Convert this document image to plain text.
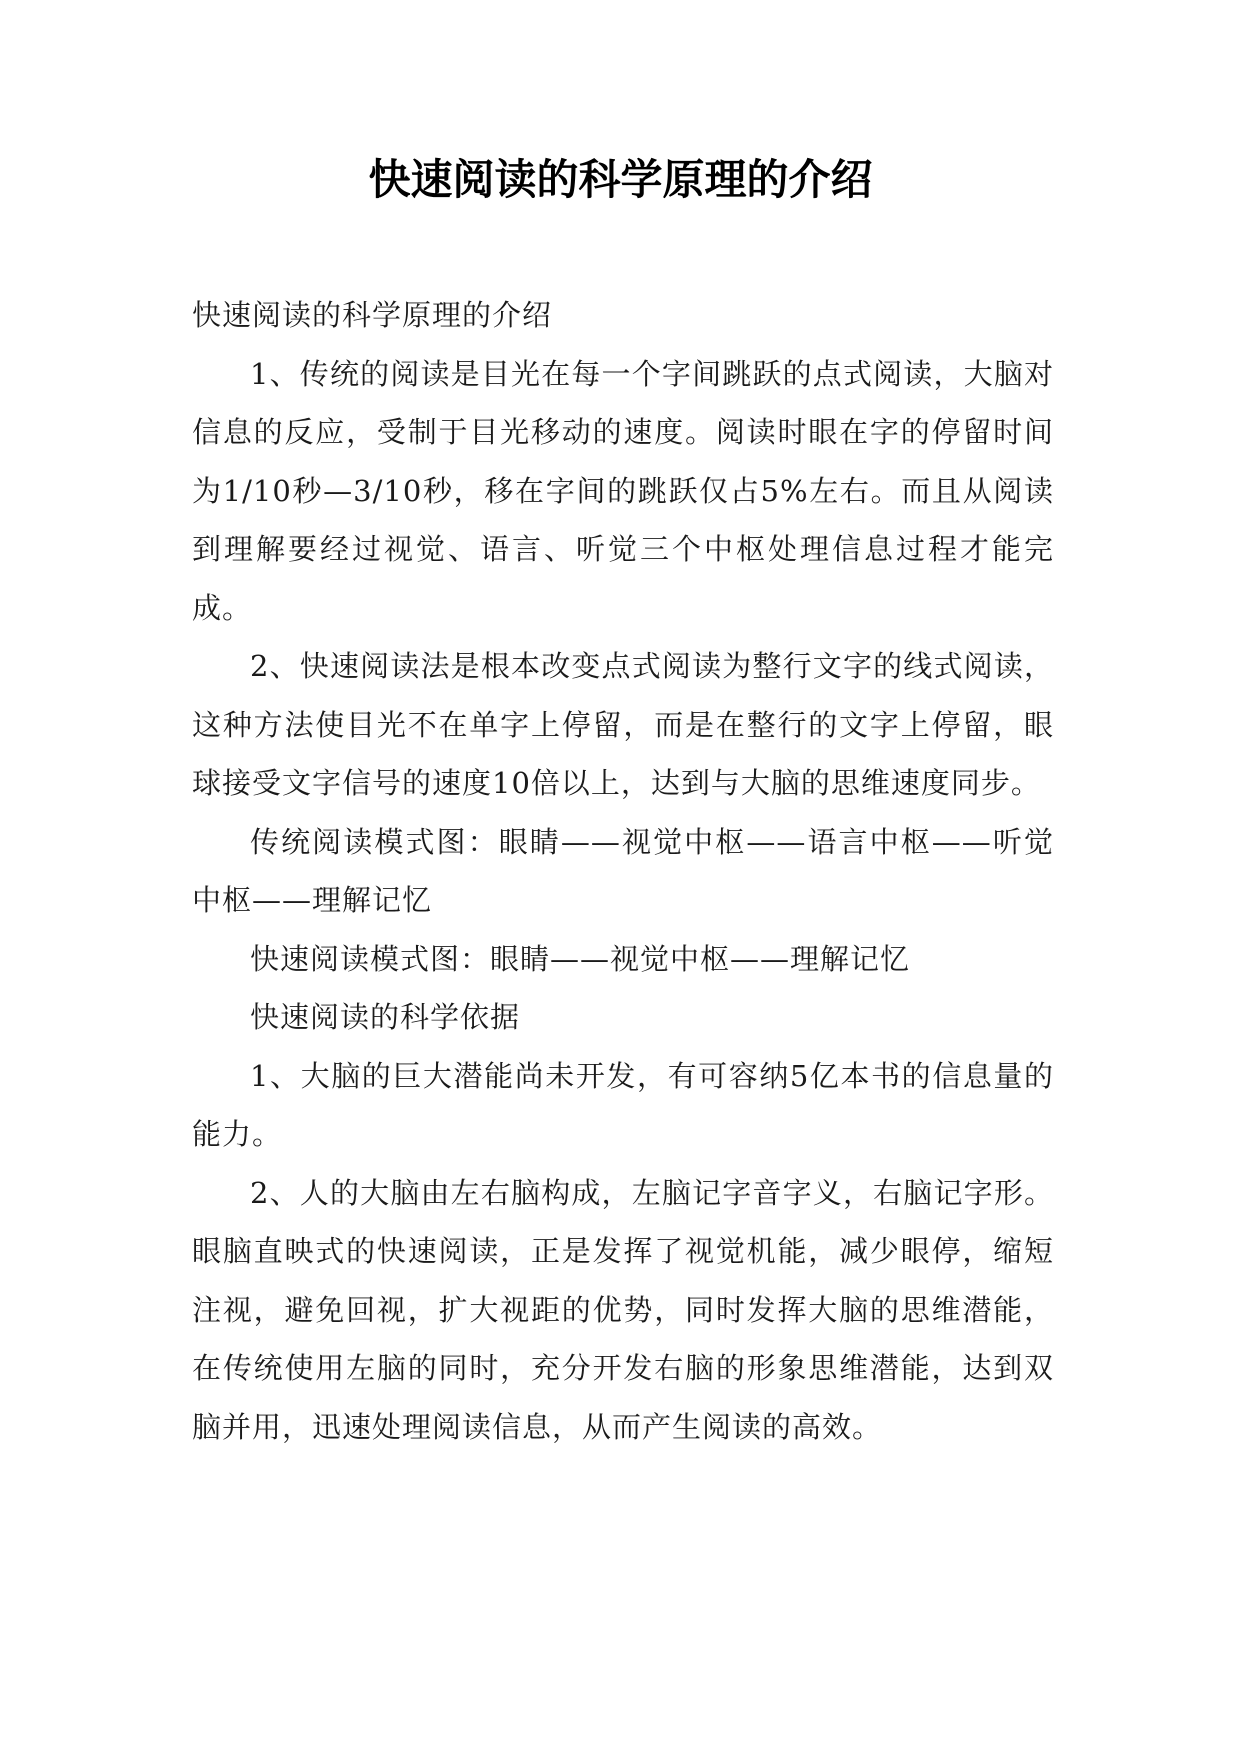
快速阅读的科学原理的介绍

快速阅读的科学原理的介绍

1、传统的阅读是目光在每一个字间跳跃的点式阅读，大脑对信息的反应，受制于目光移动的速度。阅读时眼在字的停留时间为1/10秒—3/10秒，移在字间的跳跃仅占5%左右。而且从阅读到理解要经过视觉、语言、听觉三个中枢处理信息过程才能完成。

2、快速阅读法是根本改变点式阅读为整行文字的线式阅读，这种方法使目光不在单字上停留，而是在整行的文字上停留，眼球接受文字信号的速度10倍以上，达到与大脑的思维速度同步。

传统阅读模式图：眼睛——视觉中枢——语言中枢——听觉中枢——理解记忆

快速阅读模式图：眼睛——视觉中枢——理解记忆

快速阅读的科学依据

1、大脑的巨大潜能尚未开发，有可容纳5亿本书的信息量的能力。

2、人的大脑由左右脑构成，左脑记字音字义，右脑记字形。眼脑直映式的快速阅读，正是发挥了视觉机能，减少眼停，缩短注视，避免回视，扩大视距的优势，同时发挥大脑的思维潜能，在传统使用左脑的同时，充分开发右脑的形象思维潜能，达到双脑并用，迅速处理阅读信息，从而产生阅读的高效。
